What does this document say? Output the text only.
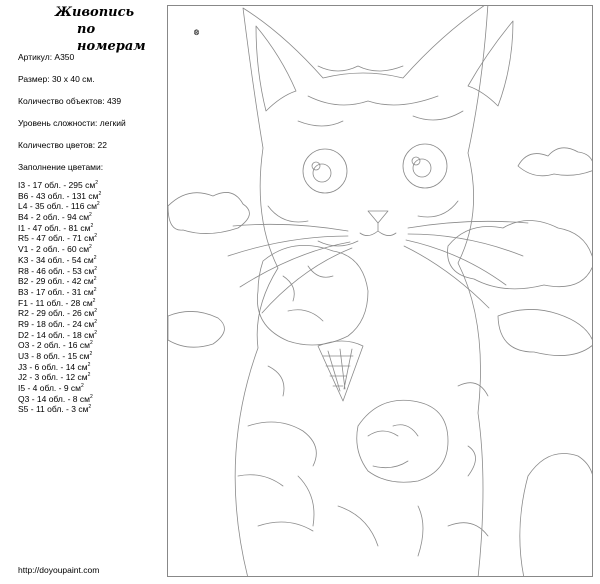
Живопись
по номерам
®
Артикул: A350
Размер: 30 х 40 см.
Количество объектов: 439
Уровень сложности: легкий
Количество цветов: 22
Заполнение цветами:
I3 - 17 обл. - 295 $см^2$
B6 - 43 обл. - 131 $см^2$
L4 - 35 обл. - 116 $см^2$
B4 - 2 обл. - 94 $см^2$
I1 - 47 обл. - 81 $см^2$
R5 - 47 обл. - 71 $см^2$
V1 - 2 обл. - 60 $см^2$
K3 - 34 обл. - 54 $см^2$
R8 - 46 обл. - 53 $см^2$
B2 - 29 обл. - 42 $см^2$
B3 - 17 обл. - 31 $см^2$
F1 - 11 обл. - 28 $см^2$
R2 - 29 обл. - 26 $см^2$
R9 - 18 обл. - 24 $см^2$
D2 - 14 обл. - 18 $см^2$
O3 - 2 обл. - 16 $см^2$
U3 - 8 обл. - 15 $см^2$
J3 - 6 обл. - 14 $см^2$
J2 - 3 обл. - 12 $см^2$
I5 - 4 обл. - 9 $см^2$
Q3 - 14 обл. - 8 $см^2$
S5 - 11 обл. - 3 $см^2$
http://doyoupaint.com
